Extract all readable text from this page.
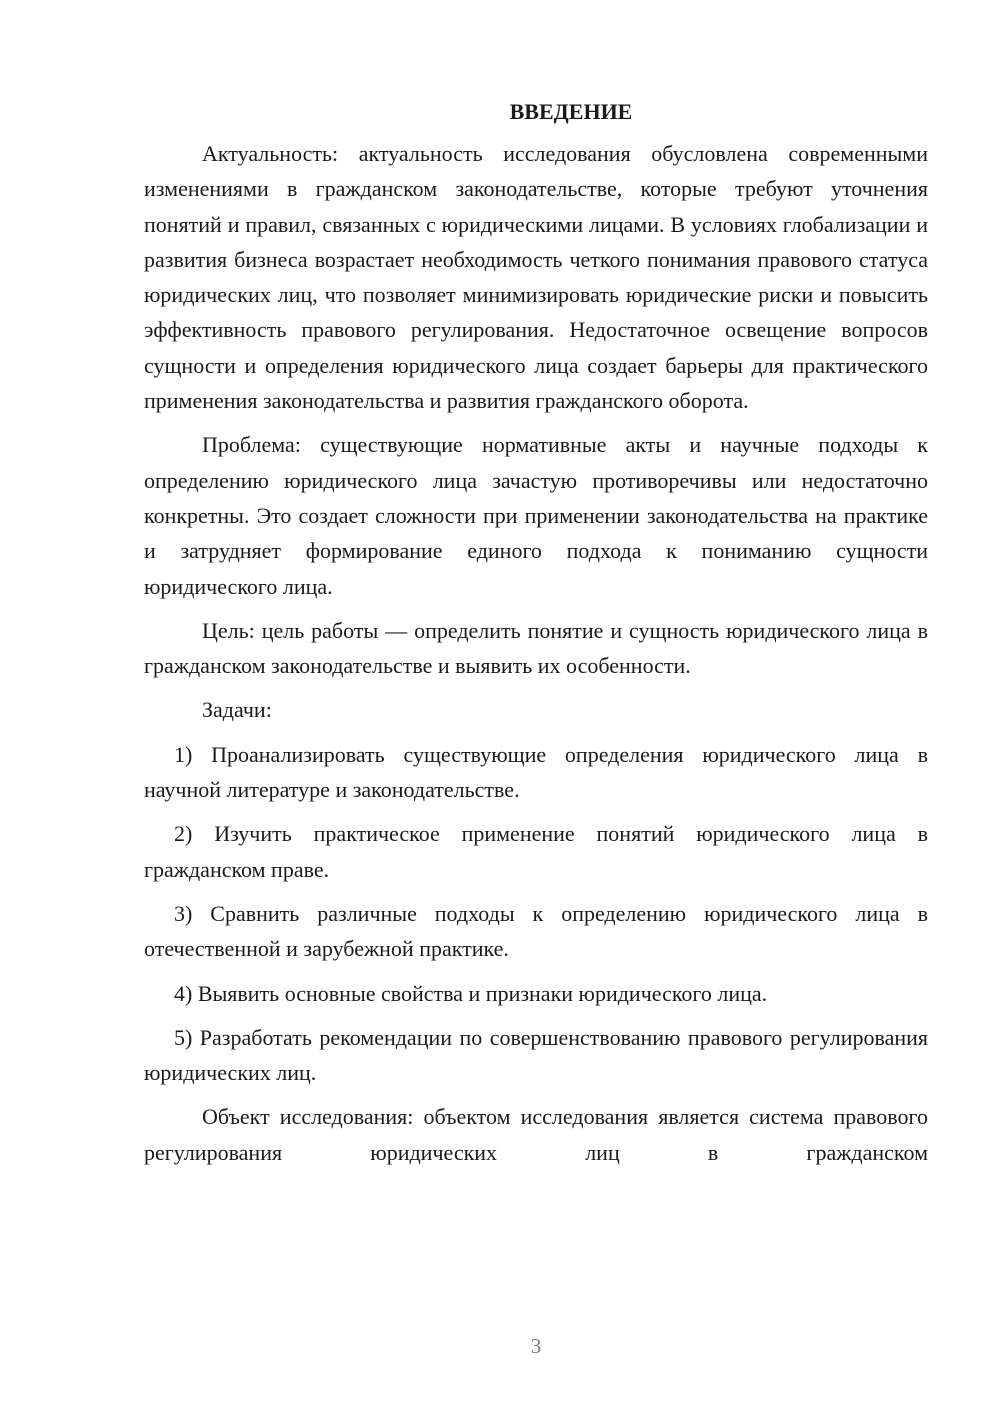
ВВЕДЕНИЕ

Актуальность: актуальность исследования обусловлена современными изменениями в гражданском законодательстве, которые требуют уточнения понятий и правил, связанных с юридическими лицами. В условиях глобализации и развития бизнеса возрастает необходимость четкого понимания правового статуса юридических лиц, что позволяет минимизировать юридические риски и повысить эффективность правового регулирования. Недостаточное освещение вопросов сущности и определения юридического лица создает барьеры для практического применения законодательства и развития гражданского оборота.

Проблема: существующие нормативные акты и научные подходы к определению юридического лица зачастую противоречивы или недостаточно конкретны. Это создает сложности при применении законодательства на практике и затрудняет формирование единого подхода к пониманию сущности юридического лица.

Цель: цель работы — определить понятие и сущность юридического лица в гражданском законодательстве и выявить их особенности.

Задачи:

1) Проанализировать существующие определения юридического лица в научной литературе и законодательстве.

2) Изучить практическое применение понятий юридического лица в гражданском праве.

3) Сравнить различные подходы к определению юридического лица в отечественной и зарубежной практике.

4) Выявить основные свойства и признаки юридического лица.

5) Разработать рекомендации по совершенствованию правового регулирования юридических лиц.

Объект исследования: объектом исследования является система правового регулирования юридических лиц в гражданском

3
